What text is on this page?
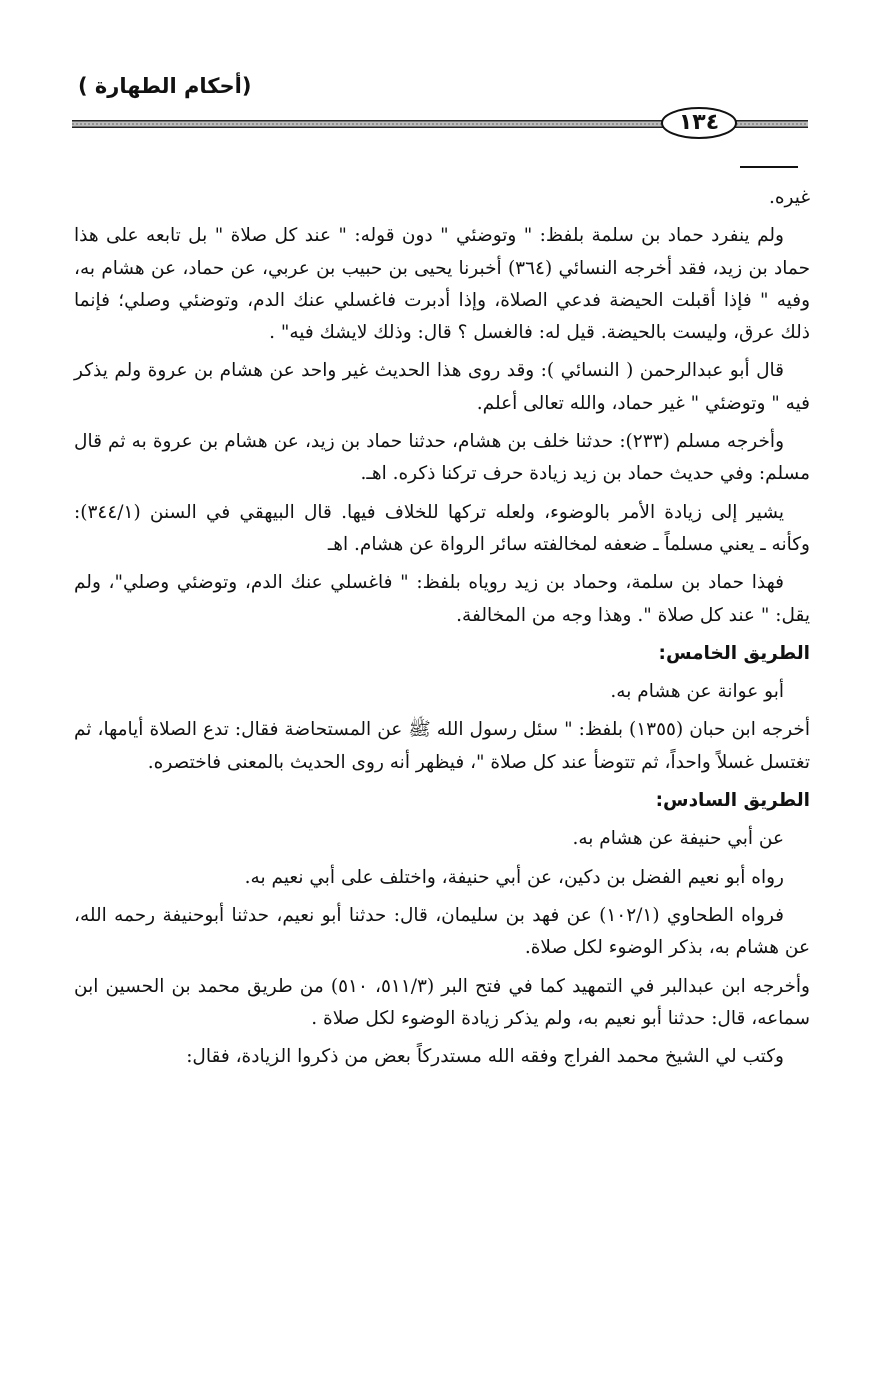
(أحكام الطهارة )
١٣٤

غيره.

ولم ينفرد حماد بن سلمة بلفظ: " وتوضئي " دون قوله: " عند كل صلاة " بل تابعه على هذا حماد بن زيد، فقد أخرجه النسائي (٣٦٤) أخبرنا يحيى بن حبيب بن عربي، عن حماد، عن هشام به، وفيه " فإذا أقبلت الحيضة فدعي الصلاة، وإذا أدبرت فاغسلي عنك الدم، وتوضئي وصلي؛ فإنما ذلك عرق، وليست بالحيضة. قيل له: فالغسل ؟ قال: وذلك لايشك فيه" .

قال أبو عبدالرحمن ( النسائي ): وقد روى هذا الحديث غير واحد عن هشام بن عروة ولم يذكر فيه " وتوضئي " غير حماد، والله تعالى أعلم.

وأخرجه مسلم (٢٣٣): حدثنا خلف بن هشام، حدثنا حماد بن زيد، عن هشام بن عروة به ثم قال مسلم: وفي حديث حماد بن زيد زيادة حرف تركنا ذكره. اهـ.

يشير إلى زيادة الأمر بالوضوء، ولعله تركها للخلاف فيها. قال البيهقي في السنن (٣٤٤/١): وكأنه ـ يعني مسلماً ـ ضعفه لمخالفته سائر الرواة عن هشام. اهـ

فهذا حماد بن سلمة، وحماد بن زيد روياه بلفظ: " فاغسلي عنك الدم، وتوضئي وصلي"، ولم يقل: " عند كل صلاة ". وهذا وجه من المخالفة.

الطريق الخامس:

أبو عوانة عن هشام به.

أخرجه ابن حبان (١٣٥٥) بلفظ: " سئل رسول الله ﷺ عن المستحاضة فقال: تدع الصلاة أيامها، ثم تغتسل غسلاً واحداً، ثم تتوضأ عند كل صلاة "، فيظهر أنه روى الحديث بالمعنى فاختصره.

الطريق السادس:

عن أبي حنيفة عن هشام به.

رواه أبو نعيم الفضل بن دكين، عن أبي حنيفة، واختلف على أبي نعيم به.

فرواه الطحاوي (١٠٢/١) عن فهد بن سليمان، قال: حدثنا أبو نعيم، حدثنا أبوحنيفة رحمه الله، عن هشام به، بذكر الوضوء لكل صلاة.

وأخرجه ابن عبدالبر في التمهيد كما في فتح البر (٥١١/٣، ٥١٠) من طريق محمد بن الحسين ابن سماعه، قال: حدثنا أبو نعيم به، ولم يذكر زيادة الوضوء لكل صلاة .

وكتب لي الشيخ محمد الفراج وفقه الله مستدركاً بعض من ذكروا الزيادة، فقال:
